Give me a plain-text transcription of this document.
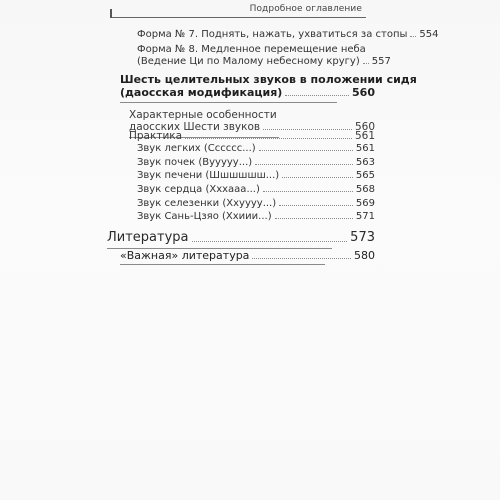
Подробное оглавление
Форма № 7. Поднять, нажать, ухватиться за стопы 554
Форма № 8. Медленное перемещение неба
(Ведение Ци по Малому небесному кругу) 557
Шесть целительных звуков в положении сидя
(даосская модификация)	560
Характерные особенности
даосских Шести звуков	560
Практика	561
Звук легких (Сссссс...)	561
Звук почек (Вууууу...)	563
Звук печени (Шшшшшш...)	565
Звук сердца (Хххааа...)	568
Звук селезенки (Ххуууу...)	569
Звук Сань-Цзяо (Ххиии...)	571
Литература	573
«Важная» литература	580
